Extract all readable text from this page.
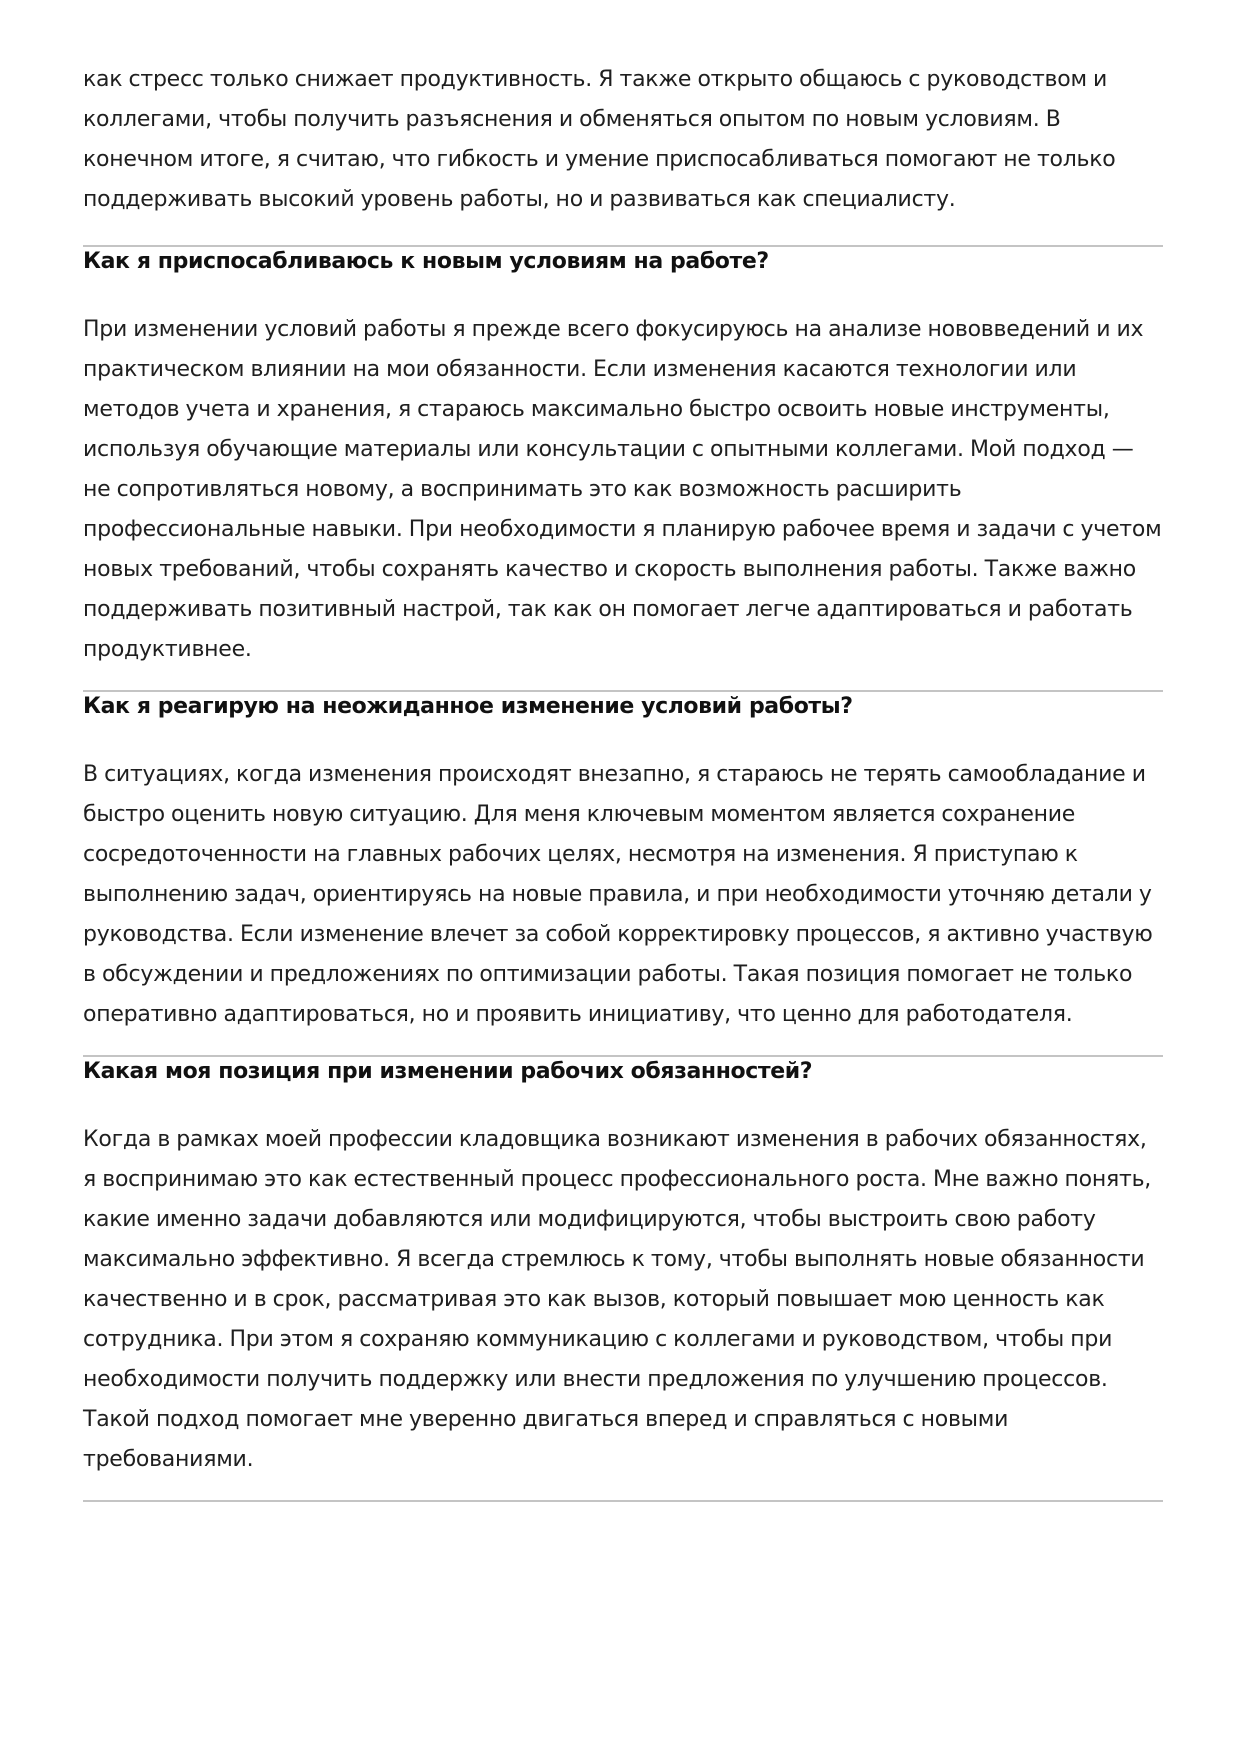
как стресс только снижает продуктивность. Я также открыто общаюсь с руководством и коллегами, чтобы получить разъяснения и обменяться опытом по новым условиям. В конечном итоге, я считаю, что гибкость и умение приспосабливаться помогают не только поддерживать высокий уровень работы, но и развиваться как специалисту.

Как я приспосабливаюсь к новым условиям на работе?

При изменении условий работы я прежде всего фокусируюсь на анализе нововведений и их практическом влиянии на мои обязанности. Если изменения касаются технологии или методов учета и хранения, я стараюсь максимально быстро освоить новые инструменты, используя обучающие материалы или консультации с опытными коллегами. Мой подход — не сопротивляться новому, а воспринимать это как возможность расширить профессиональные навыки. При необходимости я планирую рабочее время и задачи с учетом новых требований, чтобы сохранять качество и скорость выполнения работы. Также важно поддерживать позитивный настрой, так как он помогает легче адаптироваться и работать продуктивнее.

Как я реагирую на неожиданное изменение условий работы?

В ситуациях, когда изменения происходят внезапно, я стараюсь не терять самообладание и быстро оценить новую ситуацию. Для меня ключевым моментом является сохранение сосредоточенности на главных рабочих целях, несмотря на изменения. Я приступаю к выполнению задач, ориентируясь на новые правила, и при необходимости уточняю детали у руководства. Если изменение влечет за собой корректировку процессов, я активно участвую в обсуждении и предложениях по оптимизации работы. Такая позиция помогает не только оперативно адаптироваться, но и проявить инициативу, что ценно для работодателя.

Какая моя позиция при изменении рабочих обязанностей?

Когда в рамках моей профессии кладовщика возникают изменения в рабочих обязанностях, я воспринимаю это как естественный процесс профессионального роста. Мне важно понять, какие именно задачи добавляются или модифицируются, чтобы выстроить свою работу максимально эффективно. Я всегда стремлюсь к тому, чтобы выполнять новые обязанности качественно и в срок, рассматривая это как вызов, который повышает мою ценность как сотрудника. При этом я сохраняю коммуникацию с коллегами и руководством, чтобы при необходимости получить поддержку или внести предложения по улучшению процессов. Такой подход помогает мне уверенно двигаться вперед и справляться с новыми требованиями.
